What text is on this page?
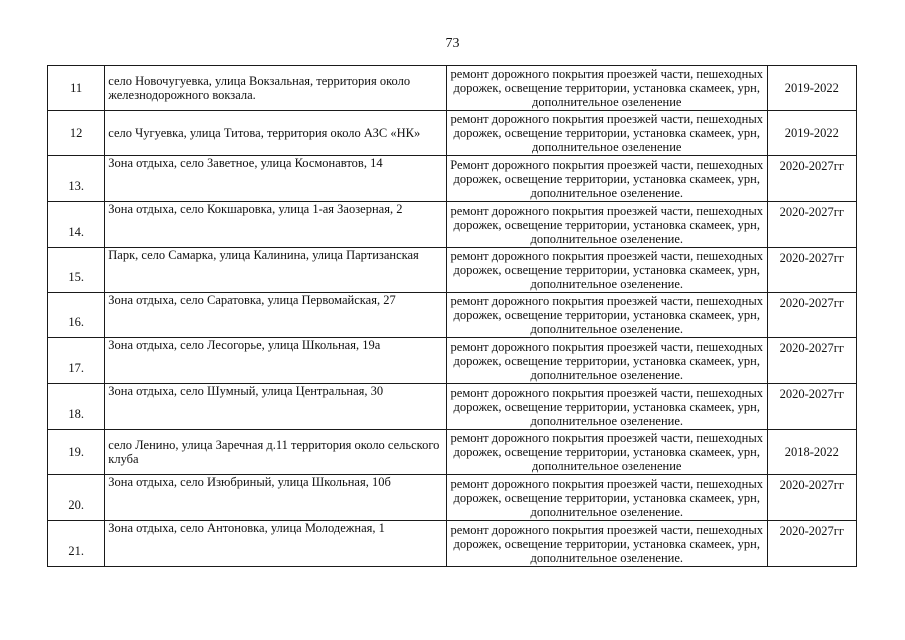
73
11	село Новочугуевка, улица Вокзальная, территория около железнодорожного вокзала.	ремонт дорожного покрытия проезжей части, пешеходных дорожек, освещение территории, установка скамеек, урн, дополнительное озеленение	2019-2022
12	село Чугуевка, улица Титова, территория около АЗС «НК»	ремонт дорожного покрытия проезжей части, пешеходных дорожек, освещение территории, установка скамеек, урн, дополнительное озеленение	2019-2022
13.	Зона отдыха, село Заветное, улица Космонавтов, 14	Ремонт дорожного покрытия проезжей части, пешеходных дорожек, освещение территории, установка скамеек, урн, дополнительное озеленение.	2020-2027гг
14.	Зона отдыха, село Кокшаровка, улица 1-ая Заозерная, 2	ремонт дорожного покрытия проезжей части, пешеходных дорожек, освещение территории, установка скамеек, урн, дополнительное озеленение.	2020-2027гг
15.	Парк, село Самарка, улица Калинина, улица Партизанская	ремонт дорожного покрытия проезжей части, пешеходных дорожек, освещение территории, установка скамеек, урн, дополнительное озеленение.	2020-2027гг
16.	Зона отдыха, село Саратовка, улица Первомайская, 27	ремонт дорожного покрытия проезжей части, пешеходных дорожек, освещение территории, установка скамеек, урн, дополнительное озеленение.	2020-2027гг
17.	Зона отдыха, село Лесогорье, улица Школьная, 19а	ремонт дорожного покрытия проезжей части, пешеходных дорожек, освещение территории, установка скамеек, урн, дополнительное озеленение.	2020-2027гг
18.	Зона отдыха, село Шумный, улица Центральная, 30	ремонт дорожного покрытия проезжей части, пешеходных дорожек, освещение территории, установка скамеек, урн, дополнительное озеленение.	2020-2027гг
19.	село Ленино, улица Заречная д.11 территория около сельского клуба	ремонт дорожного покрытия проезжей части, пешеходных дорожек, освещение территории, установка скамеек, урн, дополнительное озеленение	2018-2022
20.	Зона отдыха, село Изюбриный, улица Школьная, 10б	ремонт дорожного покрытия проезжей части, пешеходных дорожек, освещение территории, установка скамеек, урн, дополнительное озеленение.	2020-2027гг
21.	Зона отдыха, село Антоновка, улица Молодежная, 1	ремонт дорожного покрытия проезжей части, пешеходных дорожек, освещение территории, установка скамеек, урн, дополнительное озеленение.	2020-2027гг
